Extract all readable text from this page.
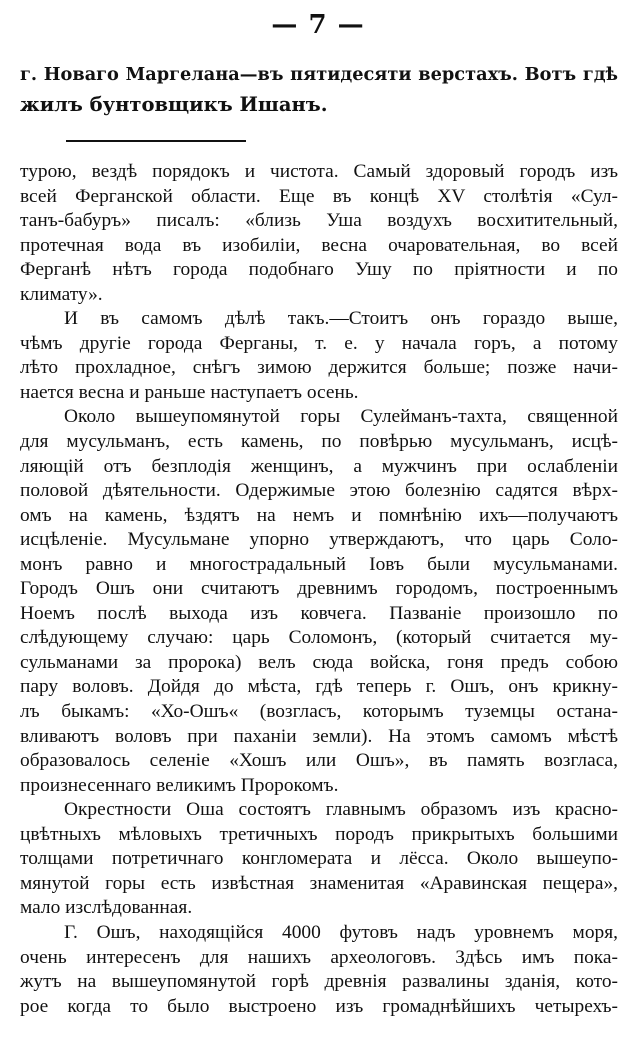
— 7 —
г. Новаго Маргелана—въ пятидесяти верстахъ. Вотъ гдѣ
жилъ бунтовщикъ Ишанъ.
турою, вездѣ порядокъ и чистота. Самый здоровый городъ изъ
всей Ферганской области. Еще въ концѣ XV столѣтія «Сул-
танъ-бабуръ» писалъ: «близь Уша воздухъ восхитительный,
протечная вода въ изобиліи, весна очаровательная, во всей
Ферганѣ нѣтъ города подобнаго Ушу по пріятности и по
климату».
И въ самомъ дѣлѣ такъ.—Стоитъ онъ гораздо выше,
чѣмъ другіе города Ферганы, т. е. у начала горъ, а потому
лѣто прохладное, снѣгъ зимою держится больше; позже начи-
нается весна и раньше наступаетъ осень.
Около вышеупомянутой горы Сулейманъ-тахта, священной
для мусульманъ, есть камень, по повѣрью мусульманъ, исцѣ-
ляющій отъ безплодія женщинъ, а мужчинъ при ослабленіи
половой дѣятельности. Одержимые этою болезнію садятся вѣрх-
омъ на камень, ѣздятъ на немъ и помнѣнію ихъ—получаютъ
исцѣленіе. Мусульмане упорно утверждаютъ, что царь Соло-
монъ равно и многострадальный Іовъ были мусульманами.
Городъ Ошъ они считаютъ древнимъ городомъ, построеннымъ
Ноемъ послѣ выхода изъ ковчега. Пазваніе произошло по
слѣдующему случаю: царь Соломонъ, (который считается му-
сульманами за пророка) велъ сюда войска, гоня предъ собою
пару воловъ. Дойдя до мѣста, гдѣ теперь г. Ошъ, онъ крикну-
лъ быкамъ: «Хо-Ошъ« (возгласъ, которымъ тузeмцы остана-
вливаютъ воловъ при паханіи земли). На этомъ самомъ мѣстѣ
образовалось селеніе «Хошъ или Ошъ», въ память возгласа,
произнесеннаго великимъ Пророкомъ.
Окрестности Оша состоятъ главнымъ образомъ изъ красно-
цвѣтныхъ мѣловыхъ третичныхъ породъ прикрытыхъ большими
толщами потретичнаго конгломерата и лёсса. Около вышеупо-
мянутой горы есть извѣстная знаменитая «Аравинская пещера»,
мало изслѣдованная.
Г. Ошъ, находящійся 4000 футовъ надъ уровнемъ моря,
очень интересенъ для нашихъ археологовъ. Здѣсь имъ пока-
жутъ на вышеупомянутой горѣ древнія развалины зданія, кото-
рое когда то было выстроено изъ громаднѣйшихъ четырехъ-
